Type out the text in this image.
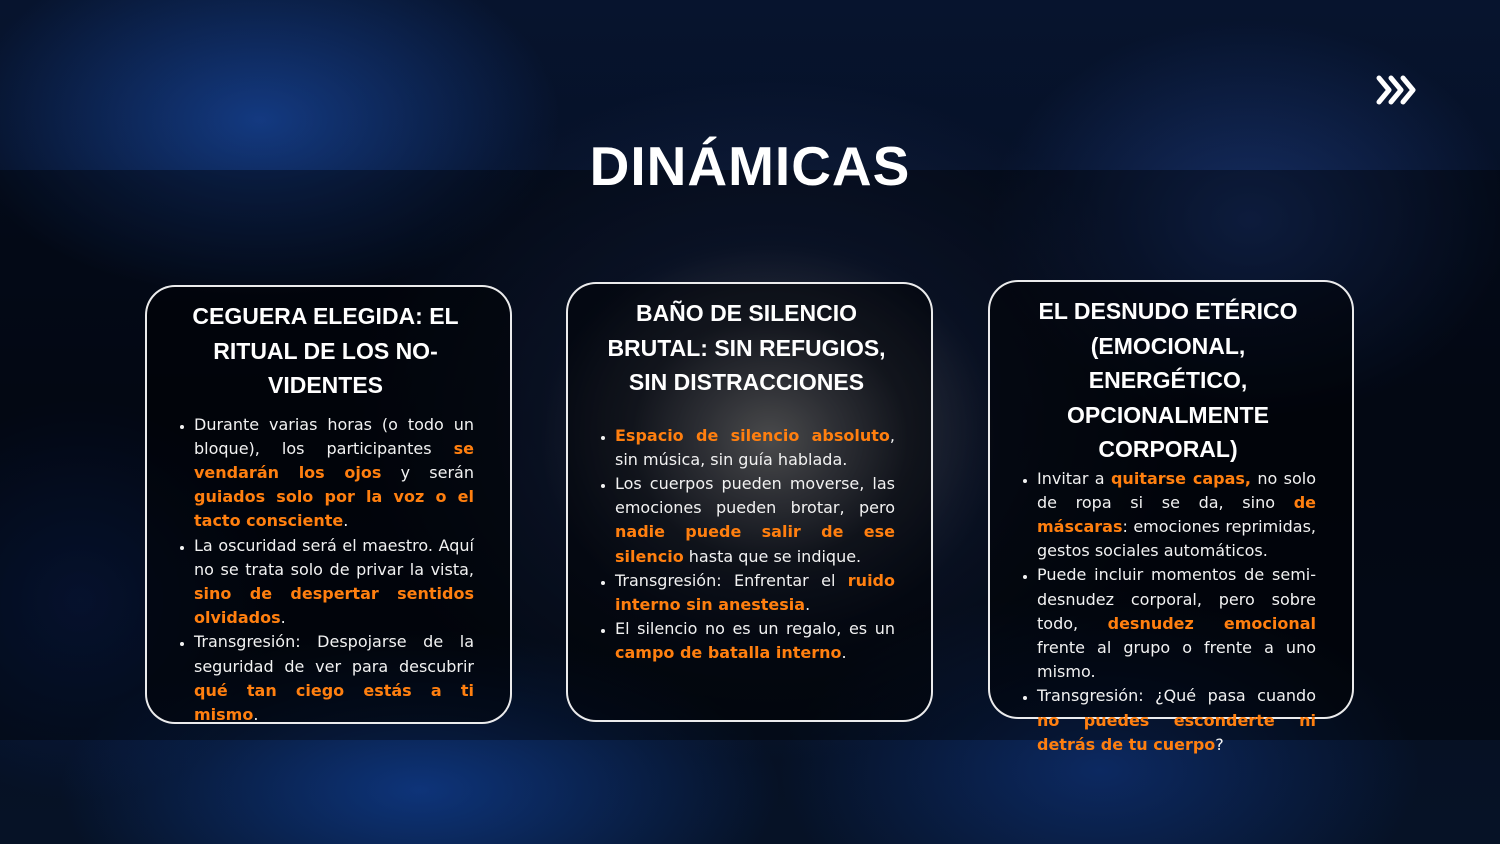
DINÁMICAS
CEGUERA ELEGIDA: EL RITUAL DE LOS NO-VIDENTES
• Durante varias horas (o todo un bloque), los participantes se vendarán los ojos y serán guiados solo por la voz o el tacto consciente.
• La oscuridad será el maestro. Aquí no se trata solo de privar la vista, sino de despertar sentidos olvidados.
• Transgresión: Despojarse de la seguridad de ver para descubrir qué tan ciego estás a ti mismo.
BAÑO DE SILENCIO BRUTAL: SIN REFUGIOS, SIN DISTRACCIONES
• Espacio de silencio absoluto, sin música, sin guía hablada.
• Los cuerpos pueden moverse, las emociones pueden brotar, pero nadie puede salir de ese silencio hasta que se indique.
• Transgresión: Enfrentar el ruido interno sin anestesia.
• El silencio no es un regalo, es un campo de batalla interno.
EL DESNUDO ETÉRICO (EMOCIONAL, ENERGÉTICO, OPCIONALMENTE CORPORAL)
• Invitar a quitarse capas, no solo de ropa si se da, sino de máscaras: emociones reprimidas, gestos sociales automáticos.
• Puede incluir momentos de semi-desnudez corporal, pero sobre todo, desnudez emocional frente al grupo o frente a uno mismo.
• Transgresión: ¿Qué pasa cuando no puedes esconderte ni detrás de tu cuerpo?
